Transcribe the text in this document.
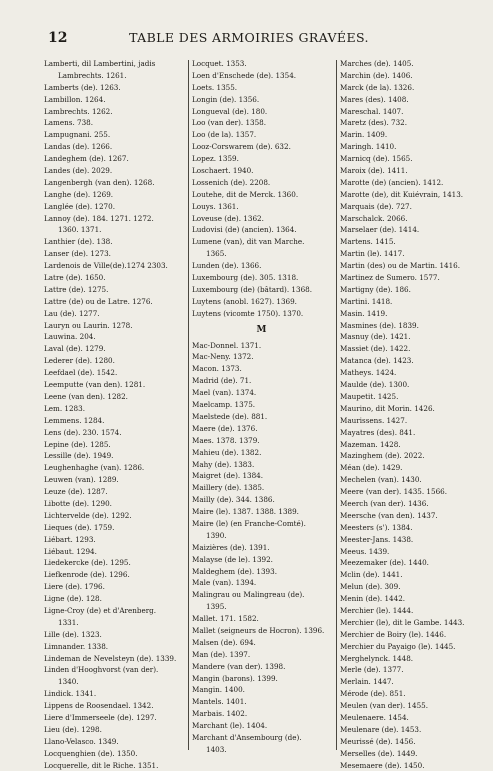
12	TABLE DES ARMOIRIES GRAVÉES.
Lamberti, dil Lambertini, jadis
Lambrechts. 1261.
Lamberts (de). 1263.
Lambillon. 1264.
Lambrechts. 1262.
Lamens. 738.
Lampugnani. 255.
Landas (de). 1266.
Landeghem (de). 1267.
Landes (de). 2029.
Langenbergh (van den). 1268.
Langhe (de). 1269.
Langlée (de). 1270.
Lannoy (de). 184. 1271. 1272.
1360. 1371.
Lanthier (de). 138.
Lanser (de). 1273.
Lardenois de Ville(de).1274 2303.
Latre (de). 1650.
Lattre (de). 1275.
Lattre (de) ou de Latre. 1276.
Lau (de). 1277.
Lauryn ou Laurin. 1278.
Lauwina. 204.
Laval (de). 1279.
Lederer (de). 1280.
Leefdael (de). 1542.
Leemputte (van den). 1281.
Leene (van den). 1282.
Lem. 1283.
Lemmens. 1284.
Lens (de). 230. 1574.
Lepine (de). 1285.
Lessille (de). 1949.
Leughenhaghe (van). 1286.
Leuwen (van). 1289.
Leuze (de). 1287.
Libotte (de). 1290.
Lichtervelde (de). 1292.
Lieques (de). 1759.
Liébart. 1293.
Liébaut. 1294.
Liedekercke (de). 1295.
Liefkenrode (de). 1296.
Liere (de). 1796.
Ligne (de). 128.
Ligne-Croy (de) et d'Arenberg.
1331.
Lille (de). 1323.
Limnander. 1338.
Lindeman de Nevelsteyn (de). 1339.
Linden d'Hooghvorst (van der).
1340.
Lindick. 1341.
Lippens de Roosendael. 1342.
Liere d'Immerseele (de). 1297.
Lieu (de). 1298.
Llano-Velasco. 1349.
Locquenghien (de). 1350.
Locquerelle, dit le Riche. 1351.
Locquet. 1353.
Loen d'Enschede (de). 1354.
Loets. 1355.
Longin (de). 1356.
Longueval (de). 180.
Loo (van der). 1358.
Loo (de la). 1357.
Looz-Corswarem (de). 632.
Lopez. 1359.
Loschaert. 1940.
Lossenich (de). 2208.
Loutehe, dit de Merck. 1360.
Louys. 1361.
Loveuse (de). 1362.
Ludovisi (de) (ancien). 1364.
Lumene (van), dit van Marche.
1365.
Lunden (de). 1366.
Luxembourg (de). 305. 1318.
Luxembourg (de) (bâtard). 1368.
Luytens (anobl. 1627). 1369.
Luytens (vicomte 1750). 1370.
M
Mac-Donnel. 1371.
Mac-Neny. 1372.
Macon. 1373.
Madrid (de). 71.
Mael (van). 1374.
Maelcamp. 1375.
Maelstede (de). 881.
Maere (de). 1376.
Maes. 1378. 1379.
Mahieu (de). 1382.
Mahy (de). 1383.
Maigret (de). 1384.
Maillery (de). 1385.
Mailly (de). 344. 1386.
Maire (le). 1387. 1388. 1389.
Maire (le) (en Franche-Comté).
1390.
Maizières (de). 1391.
Malayse (de le). 1392.
Maldeghem (de). 1393.
Male (van). 1394.
Malingrau ou Malingreau (de).
1395.
Mallet. 171. 1582.
Mallet (seigneurs de Hocron). 1396.
Malsen (de). 694.
Man (de). 1397.
Mandere (van der). 1398.
Mangin (barons). 1399.
Mangin. 1400.
Mantels. 1401.
Marbais. 1402.
Marchant (le). 1404.
Marchant d'Ansembourg (de).
1403.
Marches (de). 1405.
Marchin (de). 1406.
Marck (de la). 1326.
Mares (des). 1408.
Mareschal. 1407.
Maretz (des). 732.
Marin. 1409.
Maringh. 1410.
Marnicq (de). 1565.
Maroix (de). 1411.
Marotte (de) (ancien). 1412.
Marotte (de), dit Kuiévrain, 1413.
Marquais (de). 727.
Marschalck. 2066.
Marselaer (de). 1414.
Martens. 1415.
Martin (le). 1417.
Martin (des) ou de Martin. 1416.
Martinez de Sumero. 1577.
Martigny (de). 186.
Martini. 1418.
Masin. 1419.
Masmines (de). 1839.
Masnuy (de). 1421.
Massiet (de). 1422.
Matanca (de). 1423.
Matheys. 1424.
Maulde (de). 1300.
Maupetit. 1425.
Maurino, dit Morin. 1426.
Maurissens. 1427.
Mayatres (des). 841.
Mazeman. 1428.
Mazinghem (de). 2022.
Méan (de). 1429.
Mechelen (van). 1430.
Meere (van der). 1435. 1566.
Meerch (van der). 1436.
Meersche (van den). 1437.
Meesters (s'). 1384.
Meester-Jans. 1438.
Meeus. 1439.
Meezemaker (de). 1440.
Mclin (de). 1441.
Melun (de). 309.
Menin (de). 1442.
Merchier (le). 1444.
Merchier (le), dit le Gambe. 1443.
Merchier de Boiry (le). 1446.
Merchier du Payaigo (le). 1445.
Merghelynck. 1448.
Merle (de). 1377.
Merlain. 1447.
Mérode (de). 851.
Meulen (van der). 1455.
Meulenaere. 1454.
Meulenare (de). 1453.
Meurissé (de). 1456.
Merselles (de). 1449.
Mesemaere (de). 1450.
